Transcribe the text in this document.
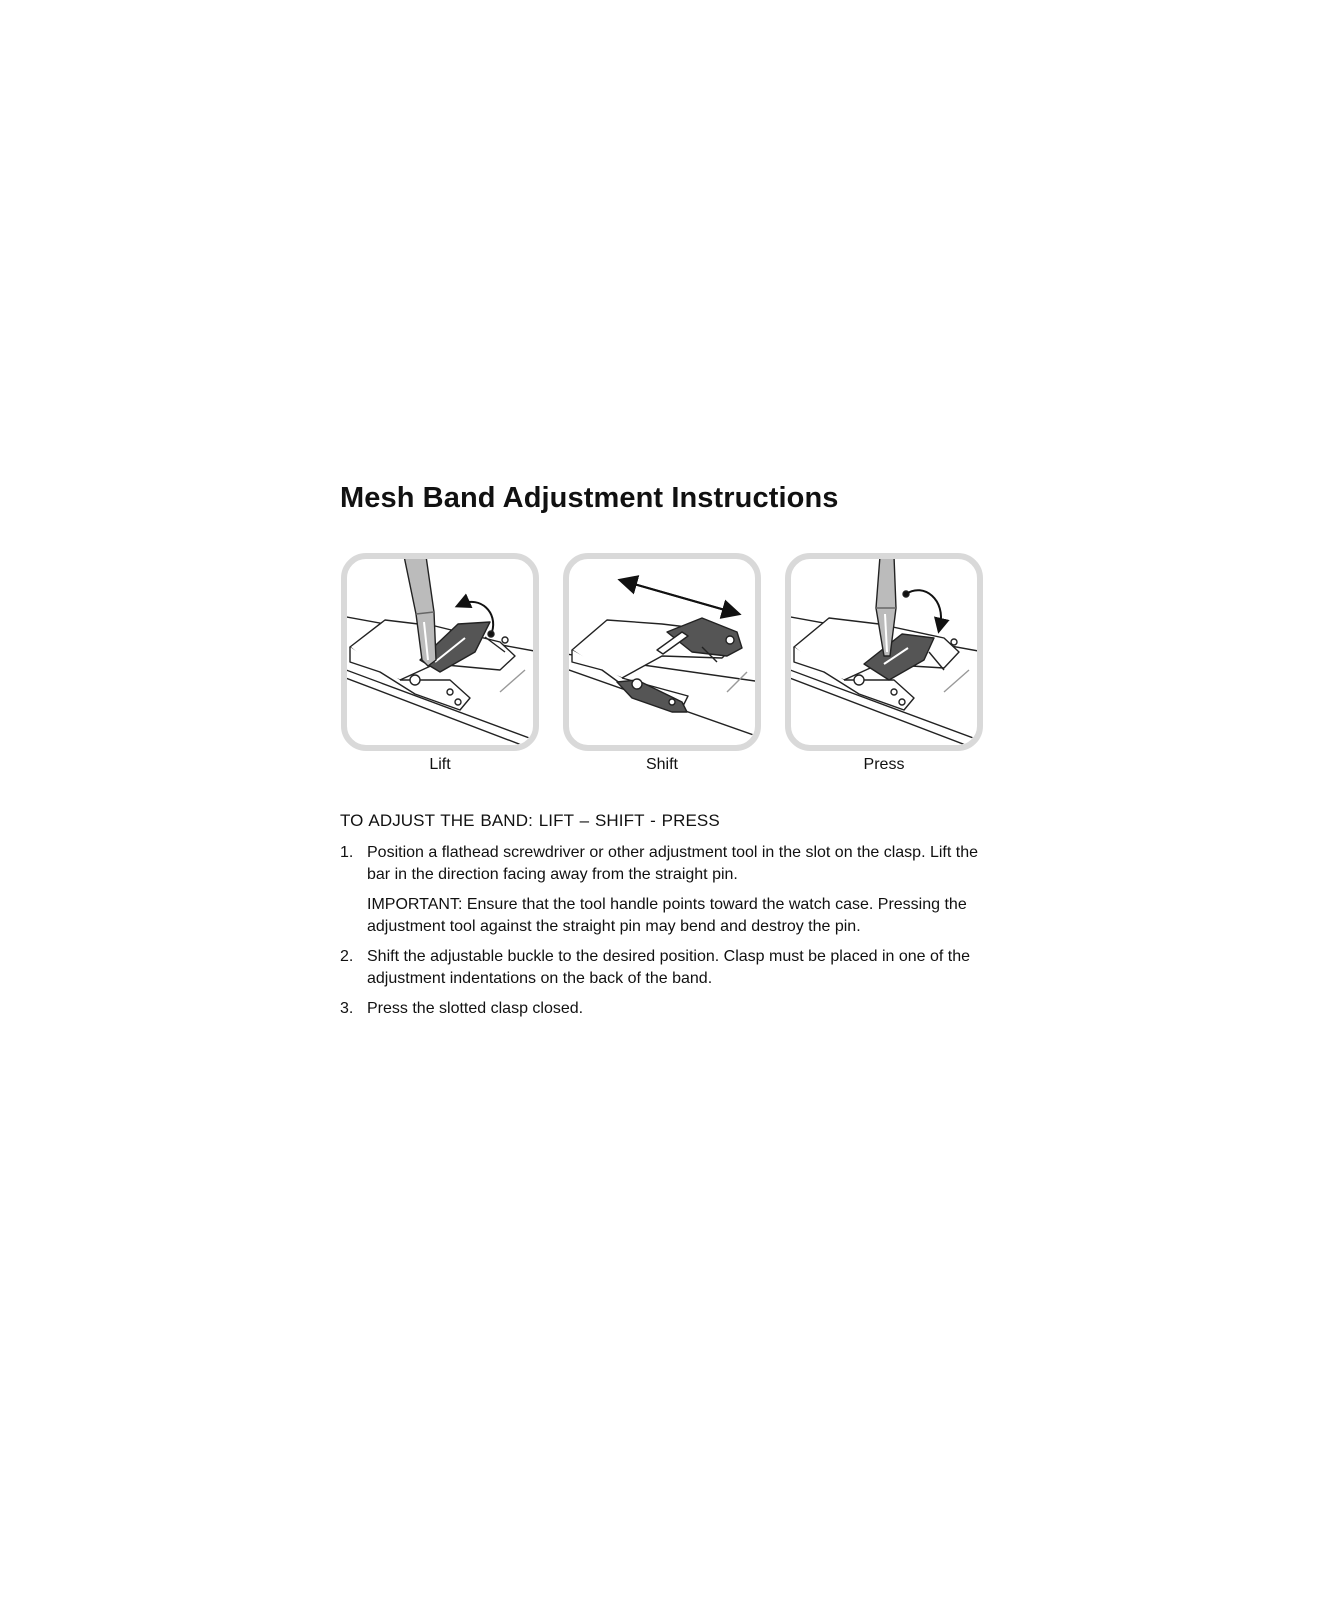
Mesh Band Adjustment Instructions
Lift	Shift	Press
TO ADJUST THE BAND: LIFT – SHIFT - PRESS
1. Position a flathead screwdriver or other adjustment tool in the slot on the clasp. Lift the bar in the direction facing away from the straight pin.
IMPORTANT: Ensure that the tool handle points toward the watch case. Pressing the adjustment tool against the straight pin may bend and destroy the pin.
2. Shift the adjustable buckle to the desired position. Clasp must be placed in one of the adjustment indentations on the back of the band.
3. Press the slotted clasp closed.
